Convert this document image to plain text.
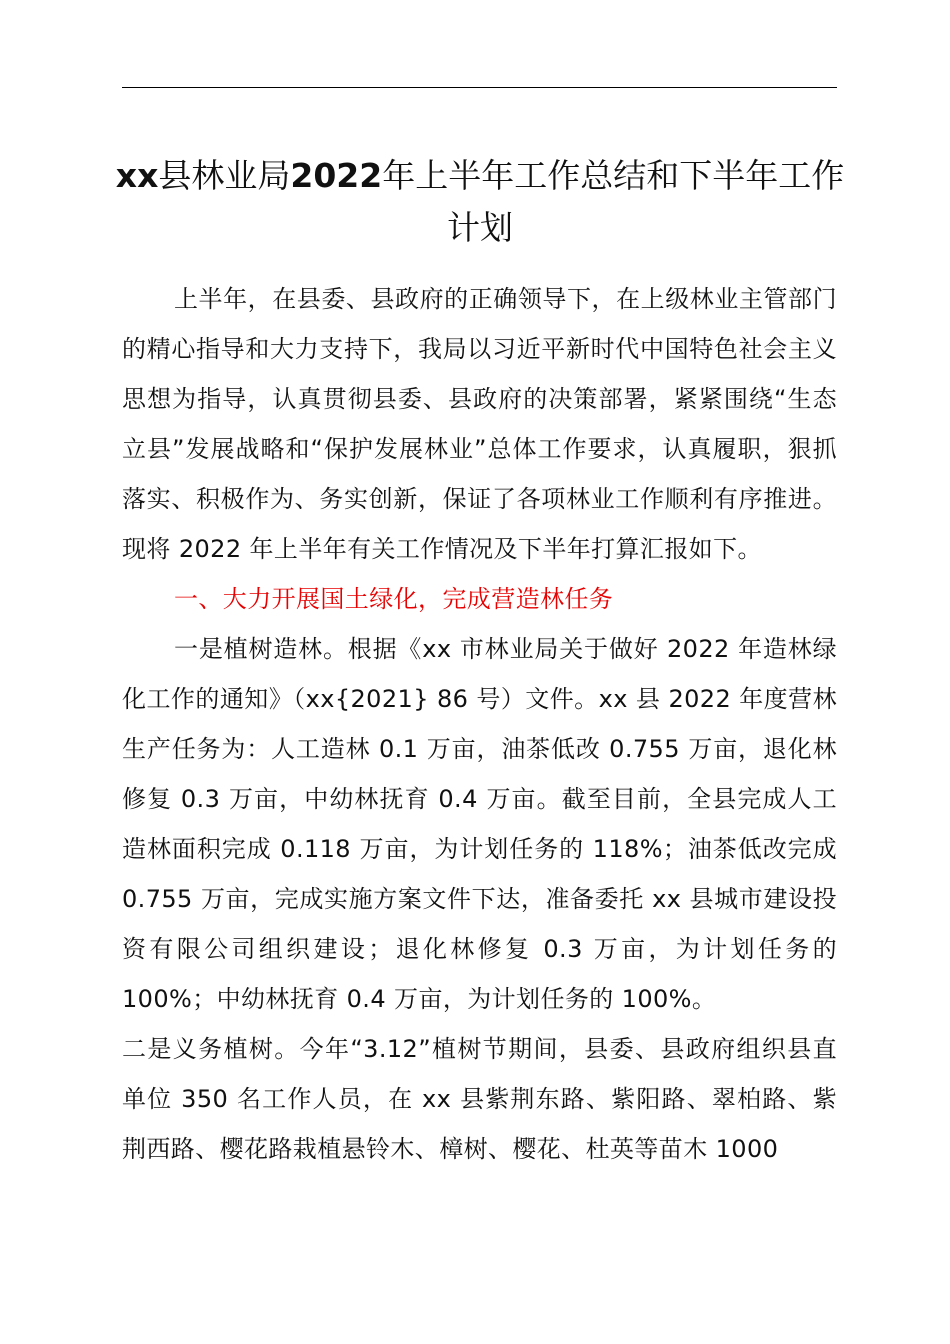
xx县林业局2022年上半年工作总结和下半年工作计划

上半年，在县委、县政府的正确领导下，在上级林业主管部门的精心指导和大力支持下，我局以习近平新时代中国特色社会主义思想为指导，认真贯彻县委、县政府的决策部署，紧紧围绕“生态立县”发展战略和“保护发展林业”总体工作要求，认真履职，狠抓落实、积极作为、务实创新，保证了各项林业工作顺利有序推进。现将 2022 年上半年有关工作情况及下半年打算汇报如下。

一、大力开展国土绿化，完成营造林任务

一是植树造林。根据《xx 市林业局关于做好 2022 年造林绿化工作的通知》（xx{2021} 86 号）文件。xx 县 2022 年度营林生产任务为：人工造林 0.1 万亩，油茶低改 0.755 万亩，退化林修复 0.3 万亩，中幼林抚育 0.4 万亩。截至目前，全县完成人工造林面积完成 0.118 万亩，为计划任务的 118%；油茶低改完成 0.755 万亩，完成实施方案文件下达，准备委托 xx 县城市建设投资有限公司组织建设；退化林修复 0.3 万亩，为计划任务的 100%；中幼林抚育 0.4 万亩，为计划任务的 100%。

二是义务植树。今年“3.12”植树节期间，县委、县政府组织县直单位 350 名工作人员，在 xx 县紫荆东路、紫阳路、翠柏路、紫荆西路、樱花路栽植悬铃木、樟树、樱花、杜英等苗木 1000
